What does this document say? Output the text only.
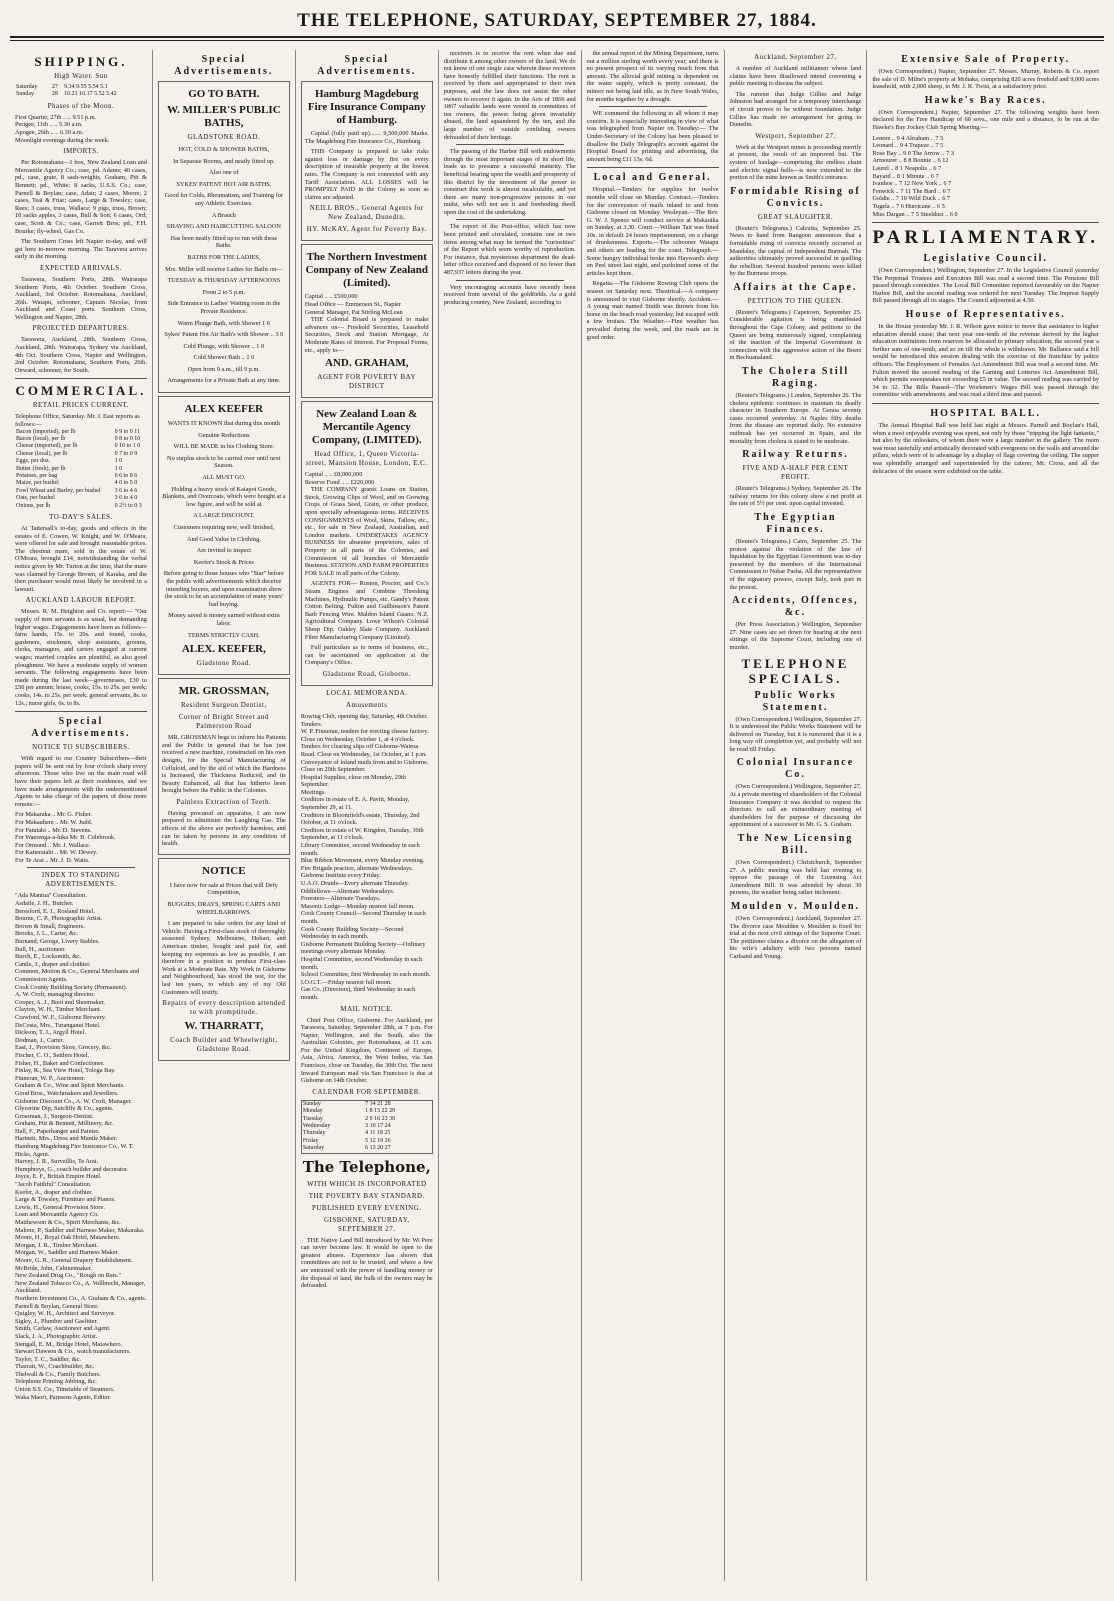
THE TELEPHONE, SATURDAY, SEPTEMBER 27, 1884.
SHIPPING.
High Water. Sun
Saturday	27	9.34 9.55 5.54 5.1
Sunday	28	10.21 10.17 5.52 5.42
Phases of the Moon.
First Quarter, 27th .. .. 9.51 p.m.
Perigee, 11th .. .. 5.30 a.m.
Apogee, 26th .. .. 6.30 a.m.
Moonlight evenings during the week.
IMPORTS.

Per Rotomahana—1 box, New Zealand Loan and Mercantile Agency Co.; case, pd. Adams; 40 cases, pd., case, grate, 8 sash-weights, Graham, Pitt & Bennett; pd., White; 8 sacks, U.S.S. Co.; case, Parnell & Boylan; case, Adair; 2 cases, Moore; 2 cases, Teat & Friar; cases, Large & Towsley; case, Rees; 3 cases, truss, Wallace; 9 pigs, truss, Brown; 10 sacks apples, 3 cases, Bull & Son; 6 cases, Ord; case, Scott & Co.; case, Garrett Bros; pd., F.H. Bourke; fly-wheel, Gas Co.

The Southern Cross left Napier to-day, and will get here to-morrow morning. The Taravera arrives early in the morning.

EXPECTED ARRIVALS.

Tarawera, Southern Ports, 28th. Wairarapa Southern Ports, 4th October. Southern Cross, Auckland, 3rd October. Rotomahana, Auckland, 26th. Waiapu, schooner, Captain Nicolas, from Auckland and Coast ports. Southern Cross, Wellington and Napier, 28th.

PROJECTED DEPARTURES.

Tarawera, Auckland, 28th. Southern Cross, Auckland, 28th. Wairarapa, Sydney via Auckland, 4th Oct. Southern Cross, Napier and Wellington, 2nd October. Rotomahana, Southern Ports, 26th. Onward, schooner, for South.

COMMERCIAL.
RETAIL PRICES CURRENT.
Telephone Office, Saturday. Mr. J. East reports as follows:—
Bacon (imported), per lb	0 9 to 0 11
Bacon (local), per lb	0 8 to 0 10
Cheese (imported), per lb	0 10 to 1 0
Cheese (local), per lb	0 7 to 0 9
Eggs, per doz.	1 0
Butter (fresh), per lb	1 0
Potatoes, per bag	6 6 to 8 6
Maize, per bushel	4 0 to 5 0
Fowl Wheat and Barley, per bushel	3 6 to 4 6
Oats, per bushel	3 6 to 4 0
Onions, per lb	0 2½ to 0 3
TO-DAY'S SALES.

At Tattersall's to-day, goods and effects in the estates of E. Cowen, W. Knight, and W. O'Meara, were offered for sale and brought reasonable prices. The chestnut mare, sold in the estate of W. O'Meara, brought £14, notwithstanding the verbal notice given by Mr. Turton at the time, that the mare was claimed by George Brown, of Karaka, and the then purchaser would most likely be involved in a lawsuit.

AUCKLAND LABOUR REPORT.

Messrs. R. M. Heighton and Co. report:— "Our supply of men servants is as usual, but demanding higher wages. Engagements have been as follows—farm hands, 15s. to 20s. and found, cooks, gardeners, stockmen, shop assistants, grooms, clerks, managers, and carters engaged at current wages; married couples are plentiful, as also good ploughmen. We have a moderate supply of women servants. The following engagements have been made during the last week—governesses, £30 to £50 per annum; house, cooks, 15s. to 25s. per week; cooks, 14s. to 25s. per week; general servants, 8s. to 12s.; nurse girls, 6s. to 8s.

Special Advertisements.
NOTICE TO SUBSCRIBERS.

With regard to our Country Subscribers—their papers will be sent out by four o'clock sharp every afternoon. Those who live on the main road will have their papers left at their residences, and we have made arrangements with the undermentioned Agents to take charge of the papers of those more remote:—

For Makaraka .. Mr. G. Fisher.
For Makauhere .. Mr. W. Judd.
For Patutahi .. Mr. D. Stevens.
For Waerenga-a-hika Mr. B. Colebrook.
For Ormond .. Mr. J. Wallace.
For Kaiteratahi .. Mr. W. Dewey.
For Te Arai .. Mr. J. D. Watts.
INDEX TO STANDING ADVERTISEMENTS.
"Ada Mantua" Consultation.
Asdaile, J. H., Butcher.
Beresford, E. J., Rosland Hotel.
Bourne, C. P., Photographic Artist.
Brown & Small, Engineers.
Brooks, J. L., Carter, &c.
Burnand, George, Livery Stables.
Bull, H., auctioneer.
Burch, E., Locksmith, &c.
Cantle, J., draper and clothier.
Common, Motion & Co., General Merchants and Commission Agents.
Cook County Building Society (Permanent).
A. W. Croft, managing director.
Cooper, A. J., Boot and Shoemaker.
Clayton, W. H., Timber Merchant.
Crawford, W. F., Gisborne Brewery.
DeCosta, Mrs., Turanganui Hotel.
Dickson, T. J., Argyll Hotel.
Dodman, J., Carter.
East, J., Provision Store, Grocery, &c.
Fischer, C. O., Settlers Hotel.
Fisher, H., Baker and Confectioner.
Finlay, R., Sea View Hotel, Tologa Bay.
Finneran, W. P., Auctioneer.
Graham & Co., Wine and Spirit Merchants.
Good Bros., Watchmakers and Jewellers.
Gisborne Discount Co., A. W. Croft, Manager.
Glycerine Dip, Sutcliffe & Co., agents.
Grossman, J., Surgeon-Dentist.
Graham, Pitt & Bennett, Millinery, &c.
Hall, F., Paperhanger and Painter.
Hartnett, Mrs., Dress and Mantle Maker.
Hamburg Magdeburg Fire Insurance Co., W. T. Hicks, Agent.
Harvey, J. R., Surveillis, Te Arai.
Humphreys, G., coach builder and decorator.
Joyce, E. F., British Empire Hotel.
"Jacob Faithful" Consultation.
Keefer, A., draper and clothier.
Large & Towsley, Furniture and Pianos.
Lewis, H., General Provision Store.
Loan and Mercantile Agency Co.
Matthewson & Co., Spirit Merchants, &c.
Malone, P., Saddler and Harness Maker, Makaraka.
Moore, H., Royal Oak Hotel, Matawhero.
Morgan, J. R., Timber Merchant.
Morgan, W., Saddler and Harness Maker.
Moore, G. R., General Drapery Establishment.
McBride, John, Cabinetmaker.
New Zealand Drug Co., "Rough on Rats."
New Zealand Tobacco Co., A. Vollbrecht, Manager, Auckland.
Northern Investment Co., A. Graham & Co., agents.
Parnell & Boylan, General Store.
Quigley, W. H., Architect and Surveyor.
Sigley, J., Plumber and Gasfitter.
Smith, Carlaw, Auctioneer and Agent.
Slack, J. A., Photographic Artist.
Stengall, E. M., Bridge Hotel, Matawhero.
Stewart Dawson & Co., watch manufacturers.
Taylor, T. C., Saddler, &c.
Tharratt, W., Coachbuilder, &c.
Thelwall & Co., Family Butchers.
Telephone Printing Jobbing, &c.
Union S.S. Co., Timetable of Steamers.
Waka Maori, Parnsens Agents, Editor.
Special Advertisements.
GO TO BATH.
W. MILLER'S PUBLIC BATHS,
GLADSTONE ROAD.
HOT, COLD & SHOWER BATHS,
In Separate Rooms, and neatly fitted up.
Also one of
SYKES' PATENT HOT AIR BATHS,
Good for Colds, Rheumatism, and Training for any Athletic Exercises.
A Branch
SHAVING AND HAIRCUTTING SALOON
Has been neatly fitted up to run with these Baths.
BATHS FOR THE LADIES,
Mrs. Miller will receive Ladies for Baths on—
TUESDAY & THURSDAY AFTERNOONS
From 2 to 5 p.m.
Side Entrance to Ladies' Waiting room in the Private Residence.
Warm Plunge Bath, with Shower 1 6
Sykes' Patent Hot Air Bath's with Shower .. 3 0
Cold Plunge, with Shower .. 1 0
Cold Shower Bath .. 1 0
Open from 9 a.m., till 9 p.m.
Arrangements for a Private Bath at any time.
ALEX KEEFER
WANTS IT KNOWN that during this month
Genuine Reductions
WILL BE MADE in his Clothing Store.
No surplus stock to be carried over until next Season.
ALL MUST GO.
Holding a heavy stock of Kaiapoi Goods, Blankets, and Overcoats, which were bought at a low figure, and will be sold at
A LARGE DISCOUNT.
Customers requiring new, well finished,
And Good Value in Clothing,
Are invited to inspect
Keefer's Stock & Prices
Before going to those houses who "Star" before the public with advertisements which deceive intending buyers, and upon examination show the stock to be an accumulation of many years' bad buying.
Money saved is money earned without extra labor.
TERMS STRICTLY CASH.
ALEX. KEEFER,
Gladstone Road.
MR. GROSSMAN,
Resident Surgeon Dentist,
Corner of Bright Street and Palmerston Road

MR. GROSSMAN begs to inform his Patients and the Public in general that he has just received a new machine, constructed on his own designs, for the Special Manufacturing of Celluloid, and by the aid of which the Hardness is Increased, the Thickness Reduced, and its Beauty Enhanced, all that has hitherto been brought before the Public in the Colonies.

Painless Extraction of Teeth.

Having procured an apparatus, I am now prepared to administer the Laughing Gas. The effects of the above are perfectly harmless, and can be taken by persons in any condition of health.

NOTICE
I have now for sale at Prices that will Defy Competition,
BUGGIES, DRAYS, SPRING CARTS AND WHEELBARROWS.

I am prepared to take orders for any kind of Vehicle. Having a First-class stock of thoroughly seasoned Sydney, Melbourne, Hobart, and American timber, bought and paid for, and keeping my expenses as low as possible, I am therefore in a position to produce First-class Work at a Moderate Rate. My Work in Gisborne and Neighbourhood, has stood the test, for the last ten years, to which any of my Old Customers will testify.

Repairs of every description attended to with promptitude.
W. THARRATT,
Coach Builder and Wheelwright, Gladstone Road.
Special Advertisements.
Hamburg Magdeburg Fire Insurance Company of Hamburg.

Capital (fully paid up)....... 9,500,000 Marks. The Magdeburg Fire Insurance Co., Hamburg.

THIS Company is prepared to take risks against loss or damage by fire on every description of insurable property at the lowest rates. The Company is not connected with any Tariff Association. ALL LOSSES will be PROMPTLY PAID in the Colony as soon as claims are adjusted.

NEILL BROS., General Agents for New Zealand, Dunedin.
HY. McKAY, Agent for Poverty Bay.
The Northern Investment Company of New Zealand (Limited).
Capital .. .. £500,000
Head Office — Emmerson St., Napier
General Manager, Pat Stirling McLean

THE Colonial Board is prepared to make advances on— Freehold Securities, Leasehold Securities, Stock and Station Mortgage, At Moderate Rates of Interest. For Proposal Forms, etc., apply to—

AND. GRAHAM,
AGENT FOR POVERTY BAY DISTRICT
New Zealand Loan & Mercantile Agency Company, (LIMITED).
Head Office, 1, Queen Victoria-street, Mansion House, London, E.C.
Capital .. .. £8,000,000
Reserve Fund .. .. £220,000

THE COMPANY grants Loans on Station, Stock, Growing Clips of Wool, and on Growing Crops of Grass Seed, Grain, or other produce, upon specially advantageous terms. RECEIVES CONSIGNMENTS of Wool, Skins, Tallow, etc., etc., for sale in New Zealand, Australian, and London markets. UNDERTAKES AGENCY BUSINESS for absentee proprietors, sales of Property in all parts of the Colonies, and Commission of all branches of Mercantile Business. STATION AND FARM PROPERTIES FOR SALE in all parts of the Colony.

AGENTS FOR— Ruston, Proctor, and Co.'s Steam Engines and Combine Threshing Machines, Hydraulic Pumps, etc. Gandy's Patent Cotton Belting. Fulton and Guilbinson's Patent Barb Fencing Wire. Maldon Island Guano. N.Z. Agricultural Company. Lowe Wilson's Colonial Sheep Dip. Oakley Slate Company. Auckland Fibre Manufacturing Company (Limited).

Full particulars as to terms of business, etc., can be ascertained on application at the Company's Office.

Gladstone Road, Gisborne.
LOCAL MEMORANDA.
Amusements
Rowing Club, opening day, Saturday, 4th October.
Tenders.
W. P. Finneran, tenders for erecting cheese factory. Close on Wednesday, October 1, at 4 o'clock.
Tenders for clearing slips off Gisborne-Wairoa Road. Close on Wednesday, 1st October, at 1 p.m.
Conveyance of inland mails from and to Gisborne. Close on 29th September.
Hospital Supplies, close on Monday, 29th September.
Meetings.
Creditors in estate of E. A. Pavitt, Monday, September 29, at 11.
Creditors in Bloomfield's estate, Thursday, 2nd October, at 11 o'clock.
Creditors in estate of W. Kingdon, Tuesday, 30th September, at 11 o'clock.
Library Committee, second Wednesday in each month.
Blue Ribbon Movement, every Monday evening.
Fire Brigade practice, alternate Wednesdays.
Gisborne Institute every Friday.
U.A.O. Druids—Every alternate Thursday.
Oddfellows—Alternate Wednesdays.
Foresters—Alternate Tuesdays.
Masonic Lodge—Monday nearest full moon.
Cook County Council—Second Thursday in each month.
Cook County Building Society—Second Wednesday in each month.
Gisborne Permanent Building Society—Ordinary meetings every alternate Monday.
Hospital Committee, second Wednesday in each month.
School Committee, first Wednesday in each month.
I.O.G.T.—Friday nearest full moon.
Gas Co. (Directors), third Wednesday in each month.
MAIL NOTICE.

Chief Post Office, Gisborne. For Auckland, per Tarawera, Saturday, September 28th, at 7 p.m. For Napier, Wellington, and the South, also the Australian Colonies, per Rotomahana, at 11 a.m. For the United Kingdom, Continent of Europe, Asia, Africa, America, the West Indies, via San Francisco, close on Tuesday, the 30th Oct. The next Inward European mail via San Francisco is due at Gisborne on 14th October.

CALENDAR FOR SEPTEMBER.
Sunday	7 14 21 28
Monday	1 8 15 22 29
Tuesday	2 9 16 23 30
Wednesday	3 10 17 24
Thursday	4 11 18 25
Friday	5 12 19 26
Saturday	6 13 20 27
The Telephone,
WITH WHICH IS INCORPORATED
THE POVERTY BAY STANDARD.
PUBLISHED EVERY EVENING.
GISBORNE, SATURDAY, SEPTEMBER 27.

THE Native Land Bill introduced by Mr. Wi Pere can never become law. It would be open to the greatest abuses. Experience has shown that committees are not to be trusted, and where a few are entrusted with the power of handling money or the disposal of land, the bulk of the owners may be defrauded.

receivers is to receive the rent when due and distribute it among other owners of the land. We do not know of one single case wherein these receivers have honestly fulfilled their functions. The rent is received by them and appropriated to their own purposes, and the law does not assist the other owners to recover it again. In the Acts of 1866 and 1867 valuable lands were vested in committees of ten owners, the power being given invariably abused, the land squandered by the ten, and the large number of outside confiding owners defrauded of their heritage.

The passing of the Harbor Bill with endowments through the most important stages of its short life, leads us to presume a successful maturity. The beneficial bearing upon the wealth and prosperity of this district by the investment of the power to construct this work is almost incalculable, and yet there are many non-progressive persons in our midst, who will not see it and foreboding dwell upon the cost of the undertaking.

The report of the Post-office, which has now been printed and circulated, contains one or two items among what may be termed the "curiosities" of the Report which seem worthy of reproduction. For instance, that mysterious department the dead-letter office received and disposed of no fewer than 487,937 letters during the year.

Very encouraging accounts have recently been received from several of the goldfields. As a gold producing country, New Zealand, according to

the annual report of the Mining Department, turns out a million sterling worth every year, and there is no present prospect of its varying much from that amount. The alluvial gold mining is dependent on the water supply, which is pretty constant, the miners not being laid idle, as in New South Wales, for months together by a drought.

WE commend the following to all whom it may concern. It is especially interesting in view of what was telegraphed from Napier on Tuesday:— The Under-Secretary of the Colony has been pleased to disallow the Daily Telegraph's account against the Hospital Board for printing and advertising, the amount being £11 13s. 6d.

Local and General.

Hospital.—Tenders for supplies for twelve months will close on Monday. Contract.—Tenders for the conveyance of mails inland to and from Gisborne closed on Monday. Wesleyan.—The Rev. G. W. J. Spence will conduct service at Makauika on Sunday, at 3.30. Court.—William Tait was fined 10s. in default 24 hours imprisonment, on a charge of drunkenness. Exports.—The schooner Waiapu and others are loading for the coast. Telegraph.—Some hungry individual broke into Hayward's shop on Peel street last night, and purloined some of the articles kept there.

Regatta.—The Gisborne Rowing Club opens the season on Saturday next. Theatrical.—A company is announced to visit Gisborne shortly. Accident.—A young man named Smith was thrown from his horse on the beach road yesterday, but escaped with a few bruises. The Weather.—Fine weather has prevailed during the week, and the roads are in good order.

Auckland, September 27.

A number of Auckland militiamen whose land claims have been disallowed intend convening a public meeting to discuss the subject.

The rumour that Judge Gillies and Judge Johnston had arranged for a temporary interchange of circuit proves to be without foundation. Judge Gillies has made no arrangement for going to Dunedin.

Westport, September 27.

Work at the Westport mines is proceeding merrily at present, the result of an improved but. The system of haulage—comprising the endless chain and electric signal bells—is now extended to the portion of the mine known as Smith's entrance.

Formidable Rising of Convicts.
GREAT SLAUGHTER.

(Reuter's Telegrams.) Calcutta, September 25. News to hand from Rangoon announces that a formidable rising of convicts recently occurred at Mandalay, the capital of Independent Burmah. The authorities ultimately proved successful in quelling the rebellion. Several hundred persons were killed by the Burmese troops.

Affairs at the Cape.
PETITION TO THE QUEEN.

(Reuter's Telegrams.) Capetown, September 25. Considerable agitation is being manifested throughout the Cape Colony, and petitions to the Queen are being numerously signed, complaining of the inaction of the Imperial Government in connection with the aggressive action of the Boers in Bechuanaland.

The Cholera Still Raging.

(Reuter's Telegrams.) London, September 26. The cholera epidemic continues to maintain its deadly character in Southern Europe. At Genoa seventy cases occurred yesterday. At Naples fifty deaths from the disease are reported daily. No extensive outbreak has yet occurred in Spain, and the mortality from cholera is stated to be moderate.

Railway Returns.
FIVE AND A-HALF PER CENT PROFIT.

(Reuter's Telegrams.) Sydney, September 26. The railway returns for this colony show a net profit at the rate of 5½ per cent. upon capital invested.

The Egyptian Finances.

(Reuter's Telegrams.) Cairo, September 25. The protest against the violation of the law of liquidation by the Egyptian Government was to-day presented by the members of the International Commission to Nubar Pasha. All the representatives of the signatory powers, except Italy, took part in the protest.

Accidents, Offences, &c.

(Per Press Association.) Wellington, September 27. Nine cases are set down for hearing at the next sittings of the Supreme Court, including one of murder.

TELEPHONE SPECIALS.
Public Works Statement.

(Own Correspondent.) Wellington, September 27. It is understood the Public Works Statement will be delivered on Tuesday, but it is rumoured that it is a long way off completion yet, and probably will not be read till Friday.

Colonial Insurance Co.

(Own Correspondent.) Wellington, September 27. At a private meeting of shareholders of the Colonial Insurance Company it was decided to request the directors to call an extraordinary meeting of shareholders for the purpose of discussing the appointment of a successor to Mr. G. S. Graham.

The New Licensing Bill.

(Own Correspondent.) Christchurch, September 27. A public meeting was held last evening to oppose the passage of the Licensing Act Amendment Bill. It was attended by about 30 persons, the weather being rather inclement.

Moulden v. Moulden.

(Own Correspondent.) Auckland, September 27. The divorce case Moulden v. Moulden is fixed for trial at the next civil sittings of the Supreme Court. The petitioner claims a divorce on the allegation of his wife's adultery with two persons named Carlsand and Young.

Extensive Sale of Property.

(Own Correspondent.) Napier, September 27. Messrs. Murray, Roberts & Co. report the sale of D. Milne's property at Mohaka, comprising 820 acres freehold and 9,000 acres leasehold, with 2,000 sheep, to Mr. J. R. Twist, at a satisfactory price.

Hawke's Bay Races.

(Own Correspondent.) Napier, September 27. The following weights have been declared for the Free Handicap of 60 sovs., one mile and a distance, to be run at the Hawke's Bay Jockey Club Spring Meeting:—

Lenore .. 9 4 Abraham .. 7 5
Leonard .. 9 4 Trapeze .. 7 5
Rose Bay .. 9 0 The Arrow .. 7 3
Armourer .. 8 8 Bonnie .. 6 12
Laurel .. 8 1 Neapolis .. 6 7
Bayard .. 8 1 Minute .. 6 7
Ivanhoe .. 7 12 New York .. 6 7
Fenwick .. 7 11 The Bard .. 6 7
Goldie .. 7 10 Wild Duck .. 6 7
Tugela .. 7 6 Hurricane .. 6 5
Miss Dargan .. 7 5 Steeldust .. 6 0
PARLIAMENTARY.
Legislative Council.

(Own Correspondent.) Wellington, September 27. In the Legislative Council yesterday The Perpetual Trustees and Executors Bill was read a second time. The Pensions Bill passed through committee. The Local Bill Committee reported favourably on the Napier Harbor Bill, and the second reading was ordered for next Tuesday. The Imprest Supply Bill passed through all its stages. The Council adjourned at 4.50.

House of Representatives.

In the House yesterday Mr. J. R. Wilson gave notice to move that assistance to higher education should cease; that next year one-tenth of the revenue derived by the higher education institutions from reserves be allocated to primary education; the second year a further sum of one-tenth, and so on till the whole is withdrawn. Mr. Ballance said a bill would be introduced this session dealing with the exercise of the franchise by police officers. The Employment of Females Act Amendment Bill was read a second time. Mr. Fulton moved the second reading of the Gaming and Lotteries Act Amendment Bill, which permits sweepstakes not exceeding £5 in value. The second reading was carried by 34 to 32. The Bills Passed—The Workmen's Wages Bill was passed through the committee with amendments, and was read a third time and passed.

HOSPITAL BALL.

The Annual Hospital Ball was held last night at Messrs. Parnell and Boylan's Hall, when a most enjoyable evening was spent, not only by those "tripping the light fantastic," but also by the onlookers, of whom there were a large number in the gallery. The room was most tastefully and artistically decorated with evergreens on the walls and around the pillars, which were of to advantage by a display of flags covering the ceiling. The supper was splendidly arranged and superintended by the caterer, Mr. Cross, and all the delicacies of the season were exhibited on the table.
